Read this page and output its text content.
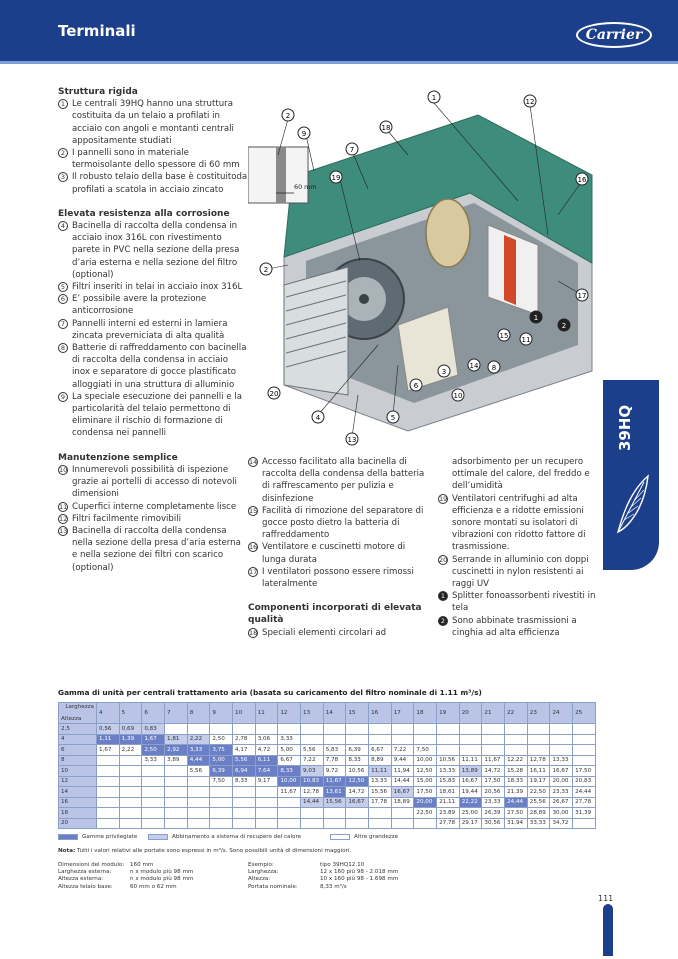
Terminali	Carrier
39HQ
Struttura rigida
1 Le centrali 39HQ hanno una struttura costituita da un telaio a profilati in acciaio con angoli e montanti centrali appositamente studiati
2 I pannelli sono in materiale termoisolante dello spessore di 60 mm
3 Il robusto telaio della base è costituitoda profilati a scatola in acciaio zincato
Elevata resistenza alla corrosione
4 Bacinella di raccolta della condensa in acciaio inox 316L con rivestimento parete in PVC nella sezione della presa d’aria esterna e nella sezione del filtro (optional)
5 Filtri inseriti in telai in acciaio inox 316L
6 E’ possibile avere la protezione anticorrosione
7 Pannelli interni ed esterni in lamiera zincata preverniciata di alta qualità
8 Batterie di raffreddamento con bacinella di raccolta della condensa in acciaio inox e separatore di gocce plastificato alloggiati in una struttura di alluminio
9 La speciale esecuzione dei pannelli e la particolarità del telaio permettono di eliminare il rischio di formazione di condensa nei pannelli
Manutenzione semplice
10 Innumerevoli possibilità di ispezione grazie ai portelli di accesso di notevoli dimensioni
11 Cuperfici interne completamente lisce
12 Filtri facilmente rimovibili
13 Bacinella di raccolta della condensa nella sezione della presa d’aria esterna e nella sezione dei filtri con scarico (optional)
14 Accesso facilitato alla bacinella di raccolta della condensa della batteria di raffrescamento per pulizia e disinfezione
15 Facilità di rimozione del separatore di gocce posto dietro la batteria di raffreddamento
16 Ventilatore e cuscinetti motore di lunga durata
17 I ventilatori possono essere rimossi lateralmente
Componenti incorporati di elevata qualità
18 Speciali elementi circolari ad
adsorbimento per un recupero ottimale del calore, del freddo e dell’umidità
19 Ventilatori centrifughi ad alta efficienza e a ridotte emissioni sonore montati su isolatori di vibrazioni con ridotto fattore di trasmissione.
20 Serrande in alluminio con doppi cuscinetti in nylon resistenti ai raggi UV
1 Splitter fonoassorbenti rivestiti in tela
2 Sono abbinate trasmissioni a cinghia ad alta efficienza
60 mm
1	12
2
9
18
7
19	16
2
17
1
2
15 11
14 8
3
6
10
20
4	5
13
Gamma di unità per centrali trattamento aria (basata su caricamento del filtro nominale di 1.11 m³/s)
Larghezza
Altezza	4	5	6	7	8	9	10	11	12	13	14	15	16	17	18	19	20	21	22	23	24	25
2,5	0,56	0,69	0,83																			
4	1,11	1,39	1,67	1,81	2,22	2,50	2,78	3,06	3,33													
6	1,67	2,22	2,50	2,92	3,33	3,75	4,17	4,72	5,00	5,56	5,83	6,39	6,67	7,22	7,50							
8			3,33	3,89	4,44	5,00	5,56	6,11	6,67	7,22	7,78	8,33	8,89	9,44	10,00	10,56	11,11	11,67	12,22	12,78	13,33	
10					5,56	6,39	6,94	7,64	8,33	9,03	9,72	10,56	11,11	11,94	12,50	13,33	13,89	14,72	15,28	16,11	16,67	17,50
12						7,50	8,33	9,17	10,00	10,83	11,67	12,50	13,33	14,44	15,00	15,83	16,67	17,50	18,33	19,17	20,00	20,83
14									11,67	12,78	13,61	14,72	15,56	16,67	17,50	18,61	19,44	20,56	21,39	22,50	23,33	24,44
16										14,44	15,56	16,67	17,78	18,89	20,00	21,11	22,22	23,33	24,44	25,56	26,67	27,78
18															22,50	23,89	25,00	26,39	27,50	28,89	30,00	31,39
20																27,78	29,17	30,56	31,94	33,33	34,72	
Gamme privilegiate	Abbinamento a sistema di recupero del calore	Altre grandezze
Nota: Tutti i valori relativi alle portate sono espressi in m³/s. Sono possibili unità di dimensioni maggiori.
Dimensioni del modulo:	160 mm
Larghezza esterna:	n x modulo più 98 mm
Altezza esterna:	n x modulo più 98 mm
Altezza telaio base:	60 mm o 62 mm
Esempio:	tipo 39HQ12.10
Larghezza:	12 x 160 più 98 - 2.018 mm
Altezza:	10 x 160 più 98 - 1.698 mm
Portata nominale:	8,33 m³/s
111
